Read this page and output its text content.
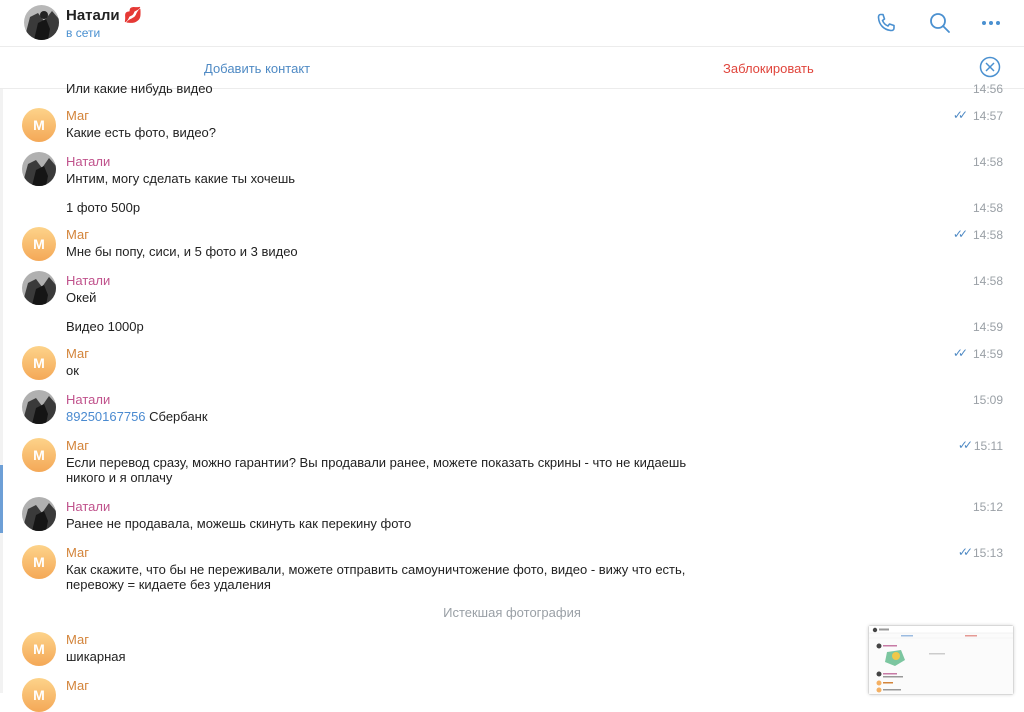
Натали 💋
в сети
Добавить контакт	Заблокировать
Или какие нибудь видео	14:56
М
Маг
Какие есть фото, видео?
✓✓ 14:57
Натали
Интим, могу сделать какие ты хочешь
14:58
1 фото 500р	14:58
М
Маг
Мне бы попу, сиси, и 5 фото и 3 видео
✓✓ 14:58
Натали
Окей
14:58
Видео 1000р	14:59
М
Маг
ок
✓✓ 14:59
Натали
89250167756 Сбербанк
15:09
М
Маг
Если перевод сразу, можно гарантии? Вы продавали ранее, можете показать скрины - что не кидаешь
никого и я оплачу
✓✓ 15:11
Натали
Ранее не продавала, можешь скинуть как перекину фото
15:12
М
Маг
Как скажите, что бы не переживали, можете отправить самоуничтожение фото, видео - вижу что есть,
перевожу = кидаете без удаления
✓✓ 15:13
Истекшая фотография
М
Маг
шикарная
М
Маг
